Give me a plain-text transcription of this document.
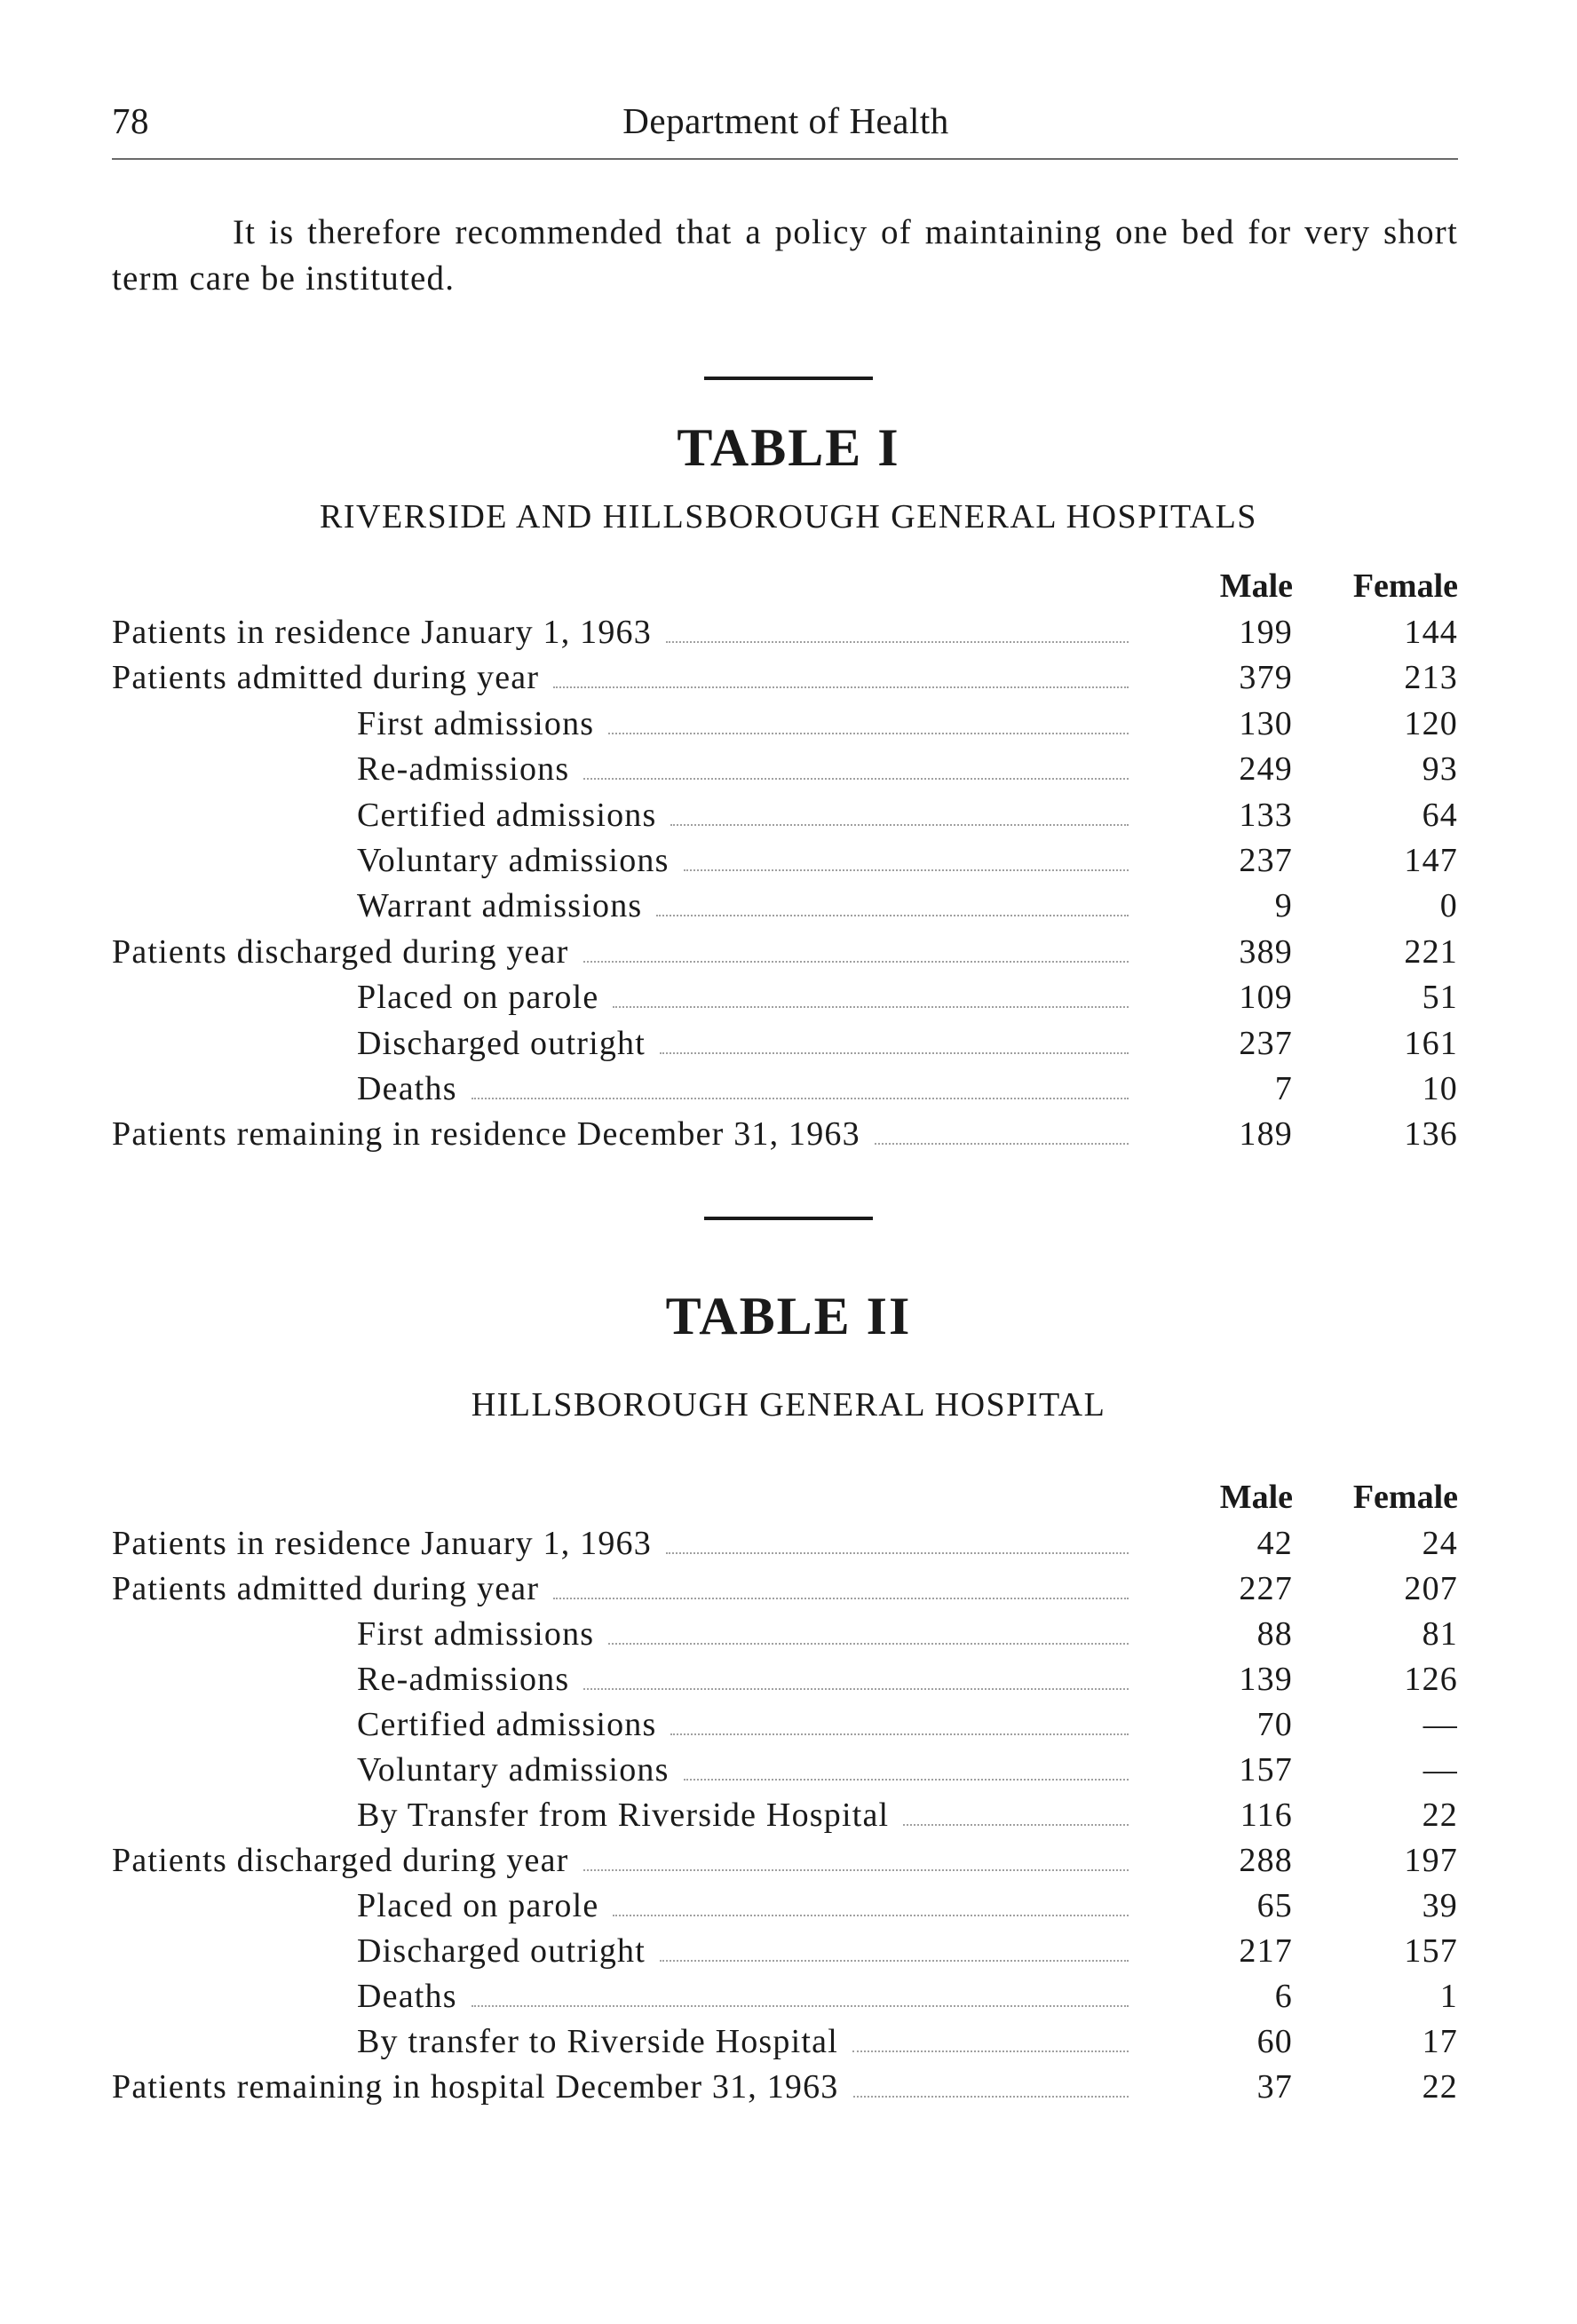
78	Department of Health

It is therefore recommended that a policy of maintaining one bed for very short term care be instituted.

TABLE I
RIVERSIDE AND HILLSBOROUGH GENERAL HOSPITALS
Male	Female
Patients in residence January 1, 1963	199	144
Patients admitted during year	379	213
First admissions	130	120
Re-admissions	249	93
Certified admissions	133	64
Voluntary admissions	237	147
Warrant admissions	9	0
Patients discharged during year	389	221
Placed on parole	109	51
Discharged outright	237	161
Deaths	7	10
Patients remaining in residence December 31, 1963	189	136
TABLE II
HILLSBOROUGH GENERAL HOSPITAL
Male	Female
Patients in residence January 1, 1963	42	24
Patients admitted during year	227	207
First admissions	88	81
Re-admissions	139	126
Certified admissions	70	—
Voluntary admissions	157	—
By Transfer from Riverside Hospital	116	22
Patients discharged during year	288	197
Placed on parole	65	39
Discharged outright	217	157
Deaths	6	1
By transfer to Riverside Hospital	60	17
Patients remaining in hospital December 31, 1963	37	22
